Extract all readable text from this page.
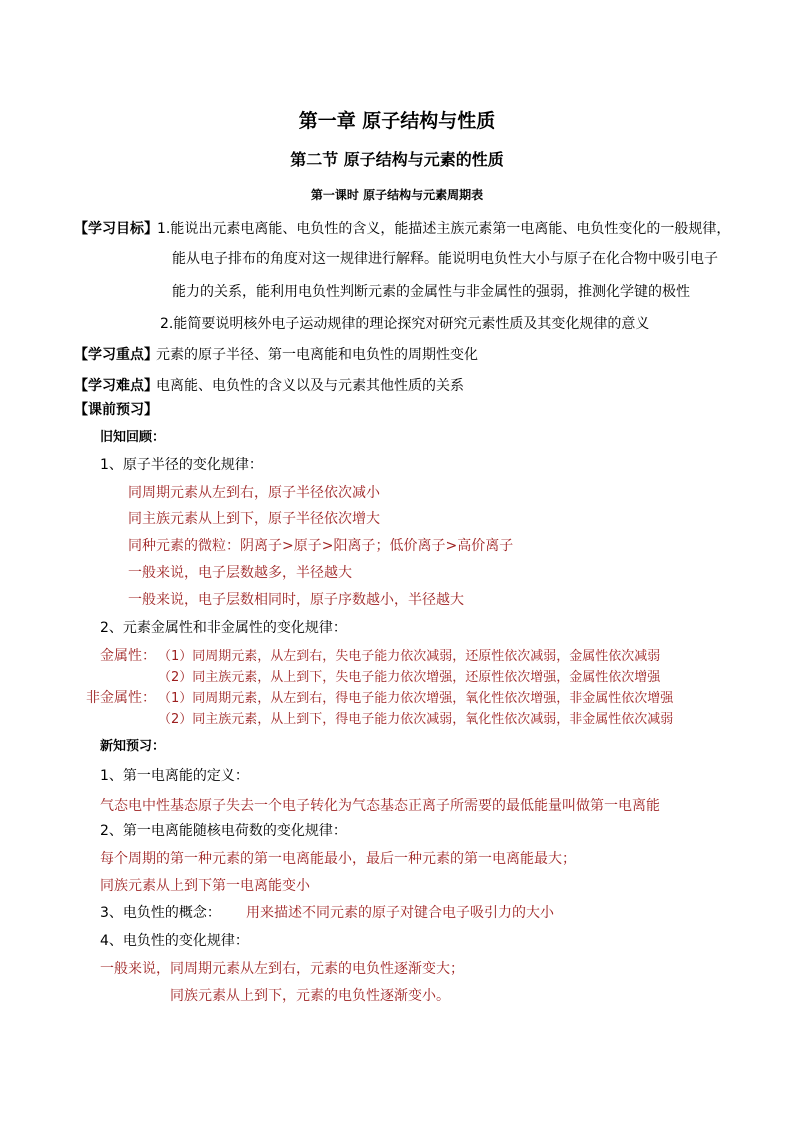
第一章 原子结构与性质
第二节 原子结构与元素的性质
第一课时 原子结构与元素周期表
【学习目标】 1.能说出元素电离能、电负性的含义，能描述主族元素第一电离能、电负性变化的一般规律，
能从电子排布的角度对这一规律进行解释。能说明电负性大小与原子在化合物中吸引电子
能力的关系，能利用电负性判断元素的金属性与非金属性的强弱，推测化学键的极性
2.能简要说明核外电子运动规律的理论探究对研究元素性质及其变化规律的意义
【学习重点】
元素的原子半径、第一电离能和电负性的周期性变化
【学习难点】
电离能、电负性的含义以及与元素其他性质的关系
【课前预习】
旧知回顾：
1、原子半径的变化规律：
同周期元素从左到右，原子半径依次减小
同主族元素从上到下，原子半径依次增大
同种元素的微粒：阴离子>原子>阳离子；低价离子>高价离子
一般来说，电子层数越多，半径越大
一般来说，电子层数相同时，原子序数越小，半径越大
2、元素金属性和非金属性的变化规律：
金属性： （1）同周期元素，从左到右，失电子能力依次减弱，还原性依次减弱，金属性依次减弱
（2）同主族元素，从上到下，失电子能力依次增强，还原性依次增强，金属性依次增强
非金属性： （1）同周期元素，从左到右，得电子能力依次增强，氧化性依次增强，非金属性依次增强
（2）同主族元素，从上到下，得电子能力依次减弱，氧化性依次减弱，非金属性依次减弱
新知预习：
1、第一电离能的定义：
气态电中性基态原子失去一个电子转化为气态基态正离子所需要的最低能量叫做第一电离能
2、第一电离能随核电荷数的变化规律：
每个周期的第一种元素的第一电离能最小，最后一种元素的第一电离能最大；
同族元素从上到下第一电离能变小
3、电负性的概念： 用来描述不同元素的原子对键合电子吸引力的大小
4、电负性的变化规律：
一般来说，同周期元素从左到右，元素的电负性逐渐变大；
同族元素从上到下，元素的电负性逐渐变小。
